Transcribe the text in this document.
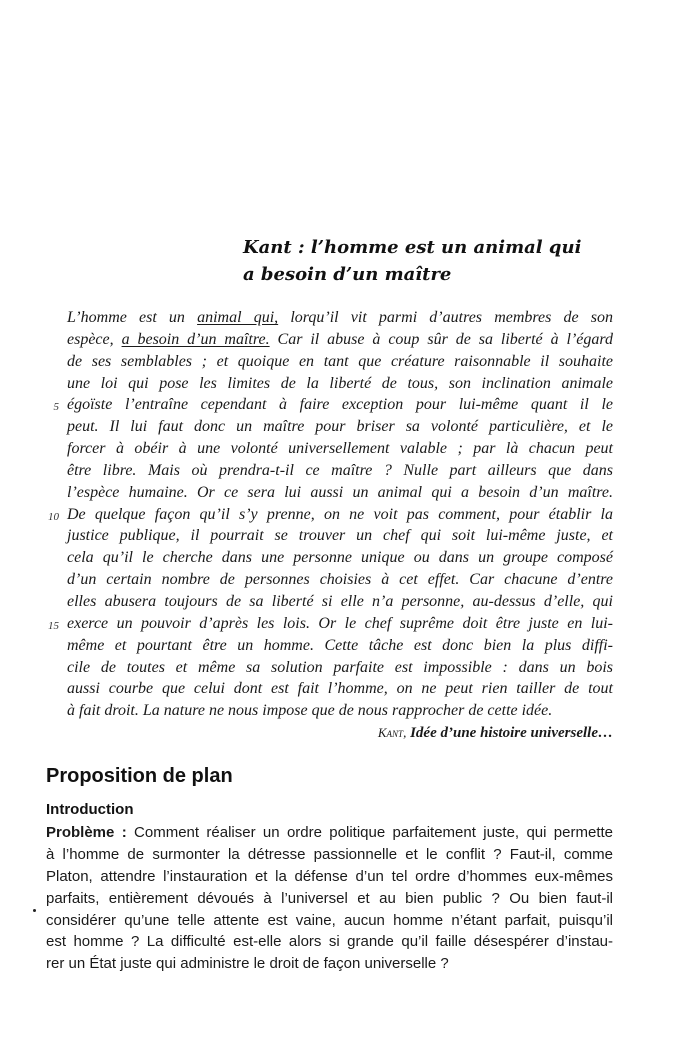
Kant : l’homme est un animal qui
a besoin d’un maître
L’homme est un animal qui, lorqu’il vit parmi d’autres membres de son
espèce, a besoin d’un maître. Car il abuse à coup sûr de sa liberté à l’égard
de ses semblables ; et quoique en tant que créature raisonnable il souhaite
une loi qui pose les limites de la liberté de tous, son inclination animale
égoïste l’entraîne cependant à faire exception pour lui-même quant il le
peut. Il lui faut donc un maître pour briser sa volonté particulière, et le
forcer à obéir à une volonté universellement valable ; par là chacun peut
être libre. Mais où prendra-t-il ce maître ? Nulle part ailleurs que dans
l’espèce humaine. Or ce sera lui aussi un animal qui a besoin d’un maître.
De quelque façon qu’il s’y prenne, on ne voit pas comment, pour établir la
justice publique, il pourrait se trouver un chef qui soit lui-même juste, et
cela qu’il le cherche dans une personne unique ou dans un groupe composé
d’un certain nombre de personnes choisies à cet effet. Car chacune d’entre
elles abusera toujours de sa liberté si elle n’a personne, au-dessus d’elle, qui
exerce un pouvoir d’après les lois. Or le chef suprême doit être juste en lui-
même et pourtant être un homme. Cette tâche est donc bien la plus diffi-
cile de toutes et même sa solution parfaite est impossible : dans un bois
aussi courbe que celui dont est fait l’homme, on ne peut rien tailler de tout
à fait droit. La nature ne nous impose que de nous rapprocher de cette idée.
5
10
15
Kant, Idée d’une histoire universelle…
Proposition de plan
Introduction
Problème : Comment réaliser un ordre politique parfaitement juste, qui permette
à l’homme de surmonter la détresse passionnelle et le conflit ? Faut-il, comme
Platon, attendre l’instauration et la défense d’un tel ordre d’hommes eux-mêmes
parfaits, entièrement dévoués à l’universel et au bien public ? Ou bien faut-il
considérer qu’une telle attente est vaine, aucun homme n’étant parfait, puisqu’il
est homme ? La difficulté est-elle alors si grande qu’il faille désespérer d’instau-
rer un État juste qui administre le droit de façon universelle ?
